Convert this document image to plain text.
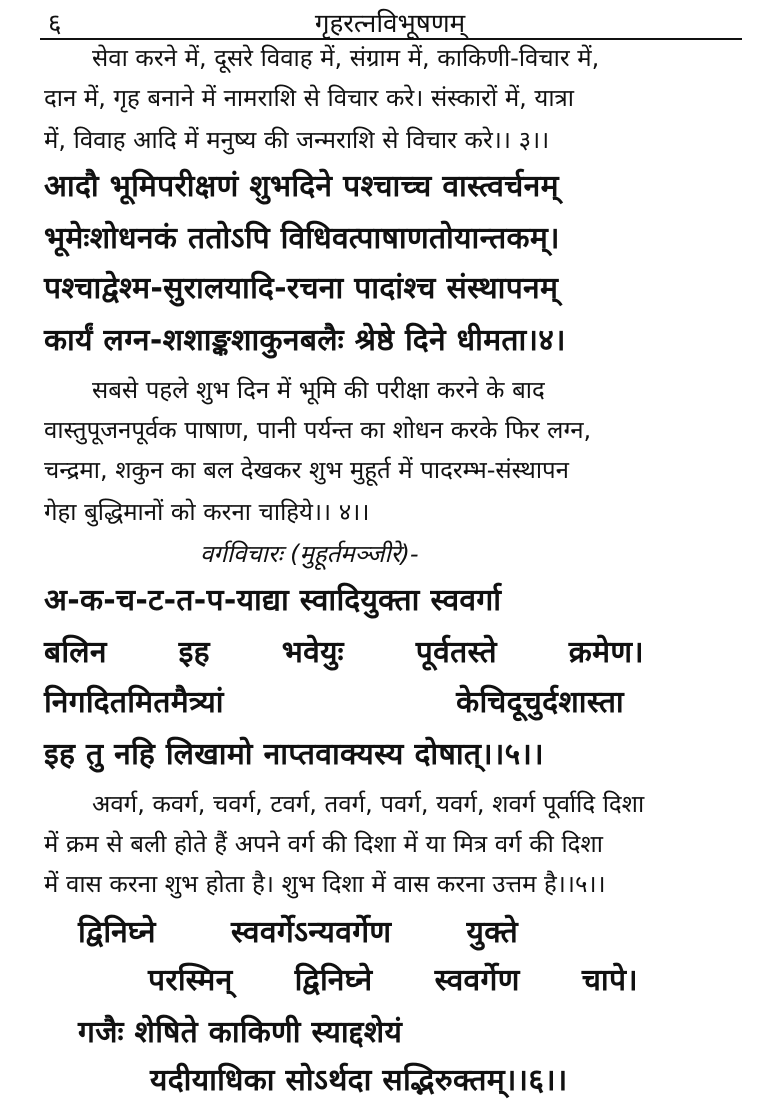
६	गृहरत्नविभूषणम्
सेवा करने में, दूसरे विवाह में, संग्राम में, काकिणी-विचार में,
दान में, गृह बनाने में नामराशि से विचार करे। संस्कारों में, यात्रा
में, विवाह आदि में मनुष्य की जन्मराशि से विचार करे।। ३।।
आदौ भूमिपरीक्षणं शुभदिने पश्चाच्च वास्त्वर्चनम्
भूमेःशोधनकं ततोऽपि विधिवत्पाषाणतोयान्तकम्।
पश्चाद्वेश्म-सुरालयादि-रचना पादांश्च संस्थापनम्
कार्यं लग्न-शशाङ्कशाकुनबलैः श्रेष्ठे दिने धीमता।४।
सबसे पहले शुभ दिन में भूमि की परीक्षा करने के बाद
वास्तुपूजनपूर्वक पाषाण, पानी पर्यन्त का शोधन करके फिर लग्न,
चन्द्रमा, शकुन का बल देखकर शुभ मुहूर्त में पादरम्भ-संस्थापन
गेहा बुद्धिमानों को करना चाहिये।। ४।।
वर्गविचारः (मुहूर्तमञ्जीरे)-
अ-क-च-ट-त-प-याद्या स्वादियुक्ता स्ववर्गा
बलिन इह भवेयुः पूर्वतस्ते क्रमेण।
निगदितमितमैत्र्यां	केचिदूचुर्दशास्ता
इह तु नहि लिखामो नाप्तवाक्यस्य दोषात्।।५।।
अवर्ग, कवर्ग, चवर्ग, टवर्ग, तवर्ग, पवर्ग, यवर्ग, शवर्ग पूर्वादि दिशा
में क्रम से बली होते हैं अपने वर्ग की दिशा में या मित्र वर्ग की दिशा
में वास करना शुभ होता है। शुभ दिशा में वास करना उत्तम है।।५।।
द्विनिघ्ने	स्ववर्गेऽन्यवर्गेण	युक्ते
परस्मिन् द्विनिघ्ने स्ववर्गेण चापे।
गजैः शेषिते काकिणी स्याद्दशेयं
यदीयाधिका सोऽर्थदा सद्भिरुक्तम्।।६।।
